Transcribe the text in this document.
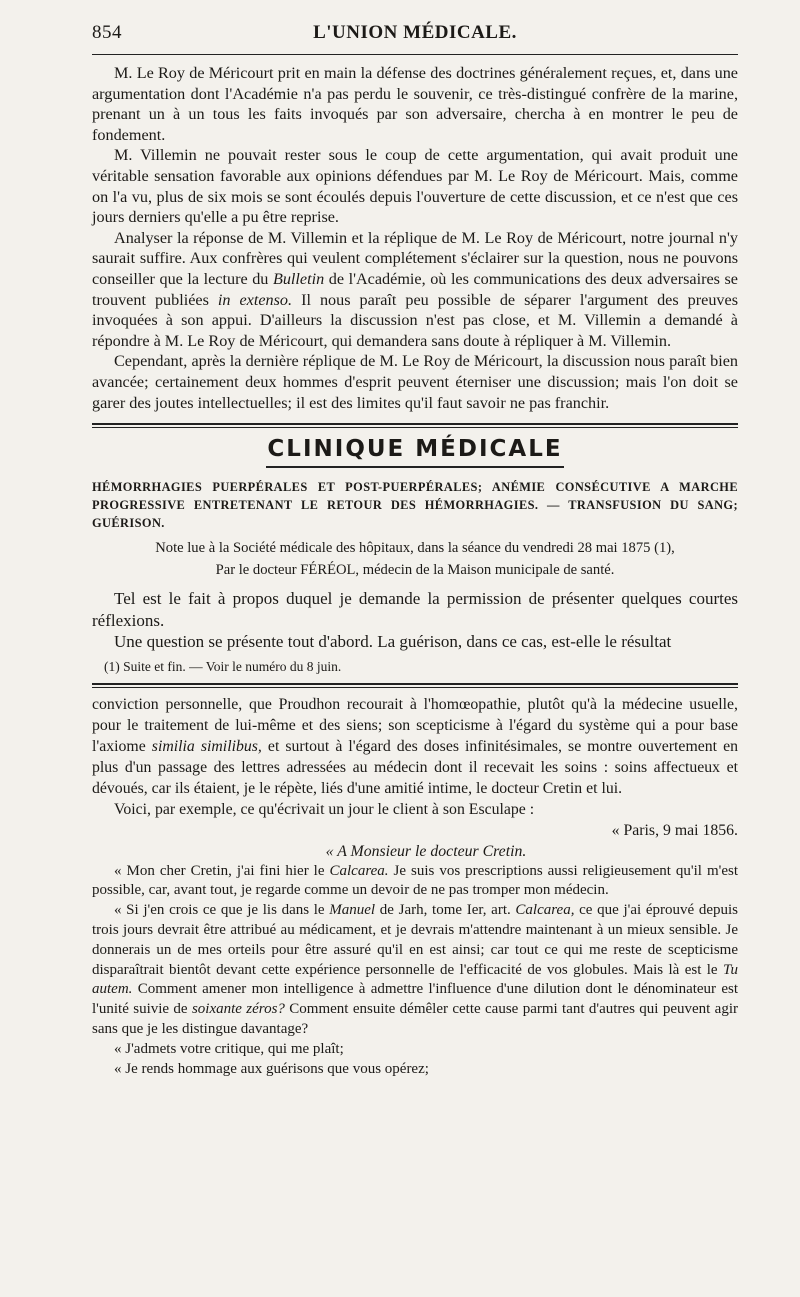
854	L'UNION MÉDICALE.

M. Le Roy de Méricourt prit en main la défense des doctrines généralement reçues, et, dans une argumentation dont l'Académie n'a pas perdu le souvenir, ce très-distingué confrère de la marine, prenant un à un tous les faits invoqués par son adversaire, chercha à en montrer le peu de fondement.

M. Villemin ne pouvait rester sous le coup de cette argumentation, qui avait produit une véritable sensation favorable aux opinions défendues par M. Le Roy de Méricourt. Mais, comme on l'a vu, plus de six mois se sont écoulés depuis l'ouverture de cette discussion, et ce n'est que ces jours derniers qu'elle a pu être reprise.

Analyser la réponse de M. Villemin et la réplique de M. Le Roy de Méricourt, notre journal n'y saurait suffire. Aux confrères qui veulent complétement s'éclairer sur la question, nous ne pouvons conseiller que la lecture du Bulletin de l'Académie, où les communications des deux adversaires se trouvent publiées in extenso. Il nous paraît peu possible de séparer l'argument des preuves invoquées à son appui. D'ailleurs la discussion n'est pas close, et M. Villemin a demandé à répondre à M. Le Roy de Méricourt, qui demandera sans doute à répliquer à M. Villemin.

Cependant, après la dernière réplique de M. Le Roy de Méricourt, la discussion nous paraît bien avancée; certainement deux hommes d'esprit peuvent éterniser une discussion; mais l'on doit se garer des joutes intellectuelles; il est des limites qu'il faut savoir ne pas franchir.

CLINIQUE MÉDICALE
HÉMORRHAGIES PUERPÉRALES ET POST-PUERPÉRALES; ANÉMIE CONSÉCUTIVE A MARCHE PROGRESSIVE ENTRETENANT LE RETOUR DES HÉMORRHAGIES. — TRANSFUSION DU SANG; GUÉRISON.
Note lue à la Société médicale des hôpitaux, dans la séance du vendredi 28 mai 1875 (1),
Par le docteur FÉRÉOL, médecin de la Maison municipale de santé.

Tel est le fait à propos duquel je demande la permission de présenter quelques courtes réflexions.

Une question se présente tout d'abord. La guérison, dans ce cas, est-elle le résultat

(1) Suite et fin. — Voir le numéro du 8 juin.

conviction personnelle, que Proudhon recourait à l'homœopathie, plutôt qu'à la médecine usuelle, pour le traitement de lui-même et des siens; son scepticisme à l'égard du système qui a pour base l'axiome similia similibus, et surtout à l'égard des doses infinitésimales, se montre ouvertement en plus d'un passage des lettres adressées au médecin dont il recevait les soins : soins affectueux et dévoués, car ils étaient, je le répète, liés d'une amitié intime, le docteur Cretin et lui.

Voici, par exemple, ce qu'écrivait un jour le client à son Esculape :

« Paris, 9 mai 1856.

« A Monsieur le docteur Cretin.

« Mon cher Cretin, j'ai fini hier le Calcarea. Je suis vos prescriptions aussi religieusement qu'il m'est possible, car, avant tout, je regarde comme un devoir de ne pas tromper mon médecin.

« Si j'en crois ce que je lis dans le Manuel de Jarh, tome Ier, art. Calcarea, ce que j'ai éprouvé depuis trois jours devrait être attribué au médicament, et je devrais m'attendre maintenant à un mieux sensible. Je donnerais un de mes orteils pour être assuré qu'il en est ainsi; car tout ce qui me reste de scepticisme disparaîtrait bientôt devant cette expérience personnelle de l'efficacité de vos globules. Mais là est le Tu autem. Comment amener mon intelligence à admettre l'influence d'une dilution dont le dénominateur est l'unité suivie de soixante zéros? Comment ensuite démêler cette cause parmi tant d'autres qui peuvent agir sans que je les distingue davantage?

« J'admets votre critique, qui me plaît;

« Je rends hommage aux guérisons que vous opérez;
